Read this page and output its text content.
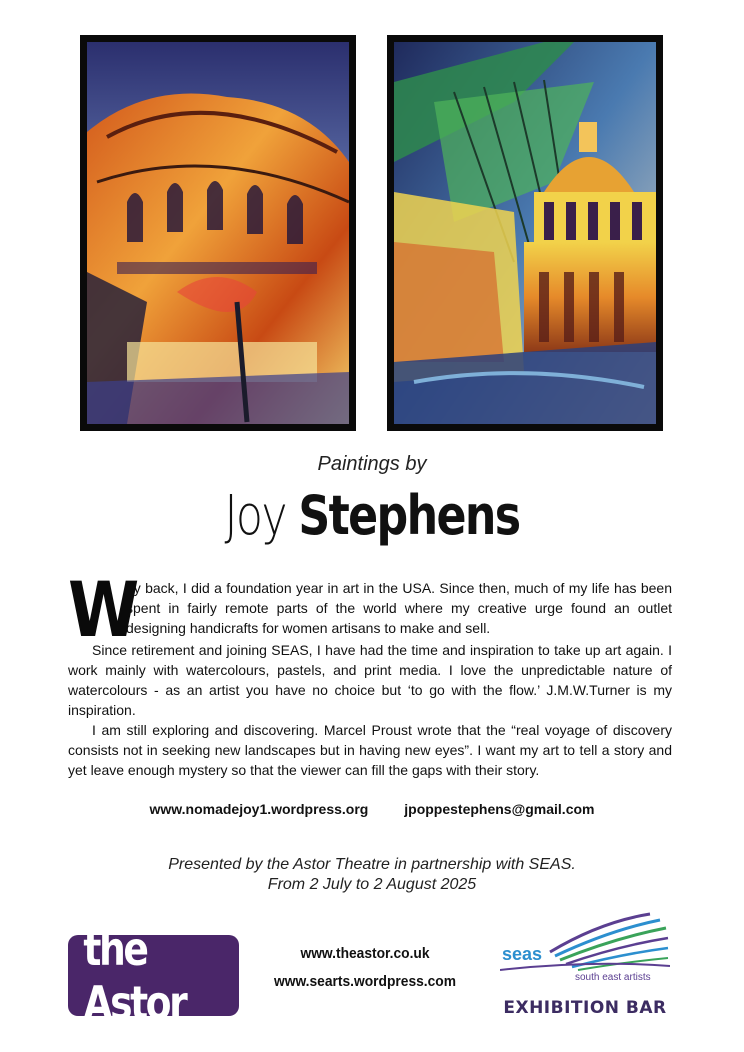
Paintings by
Joy Stephens

W
ay back, I did a foundation year in art in the USA. Since then, much of my life has been spent in fairly remote parts of the world where my creative urge found an outlet designing handicrafts for women artisans to make and sell.

Since retirement and joining SEAS, I have had the time and inspiration to take up art again. I work mainly with watercolours, pastels, and print media. I love the unpredictable nature of watercolours - as an artist you have no choice but ‘to go with the flow.’ J.M.W.Turner is my inspiration.

I am still exploring and discovering. Marcel Proust wrote that the “real voyage of discovery consists not in seeking new landscapes but in having new eyes”. I want my art to tell a story and yet leave enough mystery so that the viewer can fill the gaps with their story.

www.nomadejoy1.wordpress.org	jpoppestephens@gmail.com
Presented by the Astor Theatre in partnership with SEAS.
From 2 July to 2 August 2025
the Astor
www.theastor.co.uk
www.searts.wordpress.com
seas
south east artists
EXHIBITION BAR
